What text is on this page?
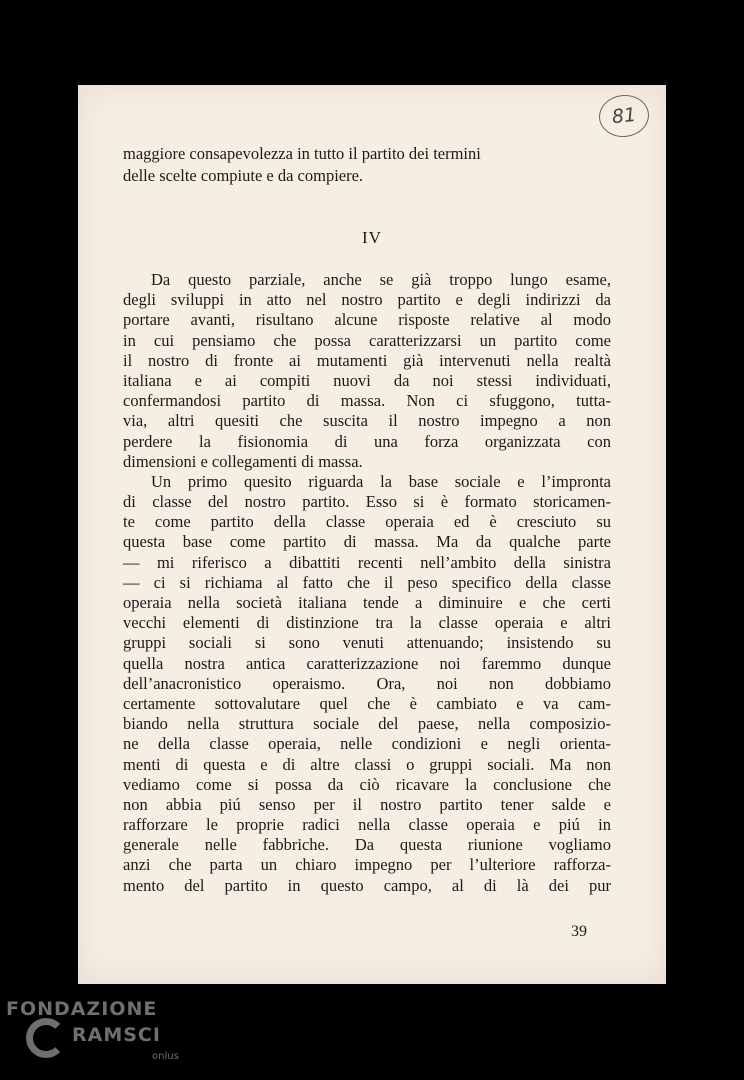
81
maggiore consapevolezza in tutto il partito dei termini
delle scelte compiute e da compiere.
IV
Da questo parziale, anche se già troppo lungo esame,
degli sviluppi in atto nel nostro partito e degli indirizzi da
portare avanti, risultano alcune risposte relative al modo
in cui pensiamo che possa caratterizzarsi un partito come
il nostro di fronte ai mutamenti già intervenuti nella realtà
italiana e ai compiti nuovi da noi stessi individuati,
confermandosi partito di massa. Non ci sfuggono, tutta-
via, altri quesiti che suscita il nostro impegno a non
perdere la fisionomia di una forza organizzata con
dimensioni e collegamenti di massa.
Un primo quesito riguarda la base sociale e l’impronta
di classe del nostro partito. Esso si è formato storicamen-
te come partito della classe operaia ed è cresciuto su
questa base come partito di massa. Ma da qualche parte
— mi riferisco a dibattiti recenti nell’ambito della sinistra
— ci si richiama al fatto che il peso specifico della classe
operaia nella società italiana tende a diminuire e che certi
vecchi elementi di distinzione tra la classe operaia e altri
gruppi sociali si sono venuti attenuando; insistendo su
quella nostra antica caratterizzazione noi faremmo dunque
dell’anacronistico operaismo. Ora, noi non dobbiamo
certamente sottovalutare quel che è cambiato e va cam-
biando nella struttura sociale del paese, nella composizio-
ne della classe operaia, nelle condizioni e negli orienta-
menti di questa e di altre classi o gruppi sociali. Ma non
vediamo come si possa da ciò ricavare la conclusione che
non abbia piú senso per il nostro partito tener salde e
rafforzare le proprie radici nella classe operaia e piú in
generale nelle fabbriche. Da questa riunione vogliamo
anzi che parta un chiaro impegno per l’ulteriore rafforza-
mento del partito in questo campo, al di là dei pur
39
FONDAZIONE
RAMSCI
onlus
